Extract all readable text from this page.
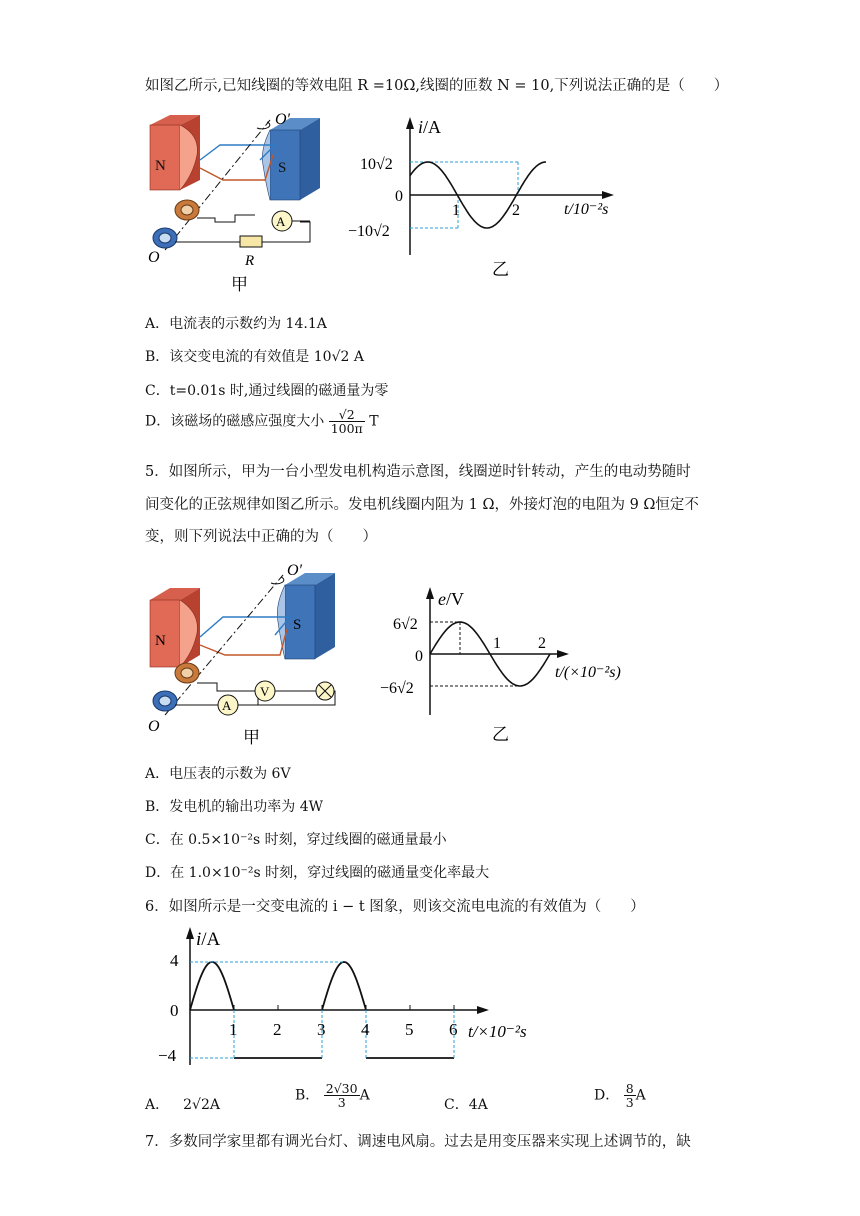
如图乙所示,已知线圈的等效电阻 R =10Ω,线圈的匝数 N = 10,下列说法正确的是（　　）
N	S
O′
A
R
O
甲
i/A
10√2
0
−10√2
1	2	t/10⁻²s
乙
A．电流表的示数约为 14.1A
B．该交变电流的有效值是 10√2 A
C．t=0.01s 时,通过线圈的磁通量为零
D．该磁场的磁感应强度大小 $\frac{√2}{100\pi}$ T
5．如图所示，甲为一台小型发电机构造示意图，线圈逆时针转动，产生的电动势随时
间变化的正弦规律如图乙所示。发电机线圈内阻为 1 Ω，外接灯泡的电阻为 9 Ω恒定不
变，则下列说法中正确的为（　　）
N
S
O′
A
V
O
甲
e/V
6√2
0
−6√2
1 2
t/(×10⁻²s)
乙
A．电压表的示数为 6V
B．发电机的输出功率为 4W
C．在 0.5×10⁻²s 时刻，穿过线圈的磁通量最小
D．在 1.0×10⁻²s 时刻，穿过线圈的磁通量变化率最大
6．如图所示是一交变电流的 i − t 图象，则该交流电电流的有效值为（　　）
i/A
4
0
−4
1 2 3 4 5 6 t/×10⁻²s
A． 2√2A
B． $\frac{2√30}{3}$ A
C．4A
D． $\frac{8}{3}$ A
7．多数同学家里都有调光台灯、调速电风扇。过去是用变压器来实现上述调节的，缺
